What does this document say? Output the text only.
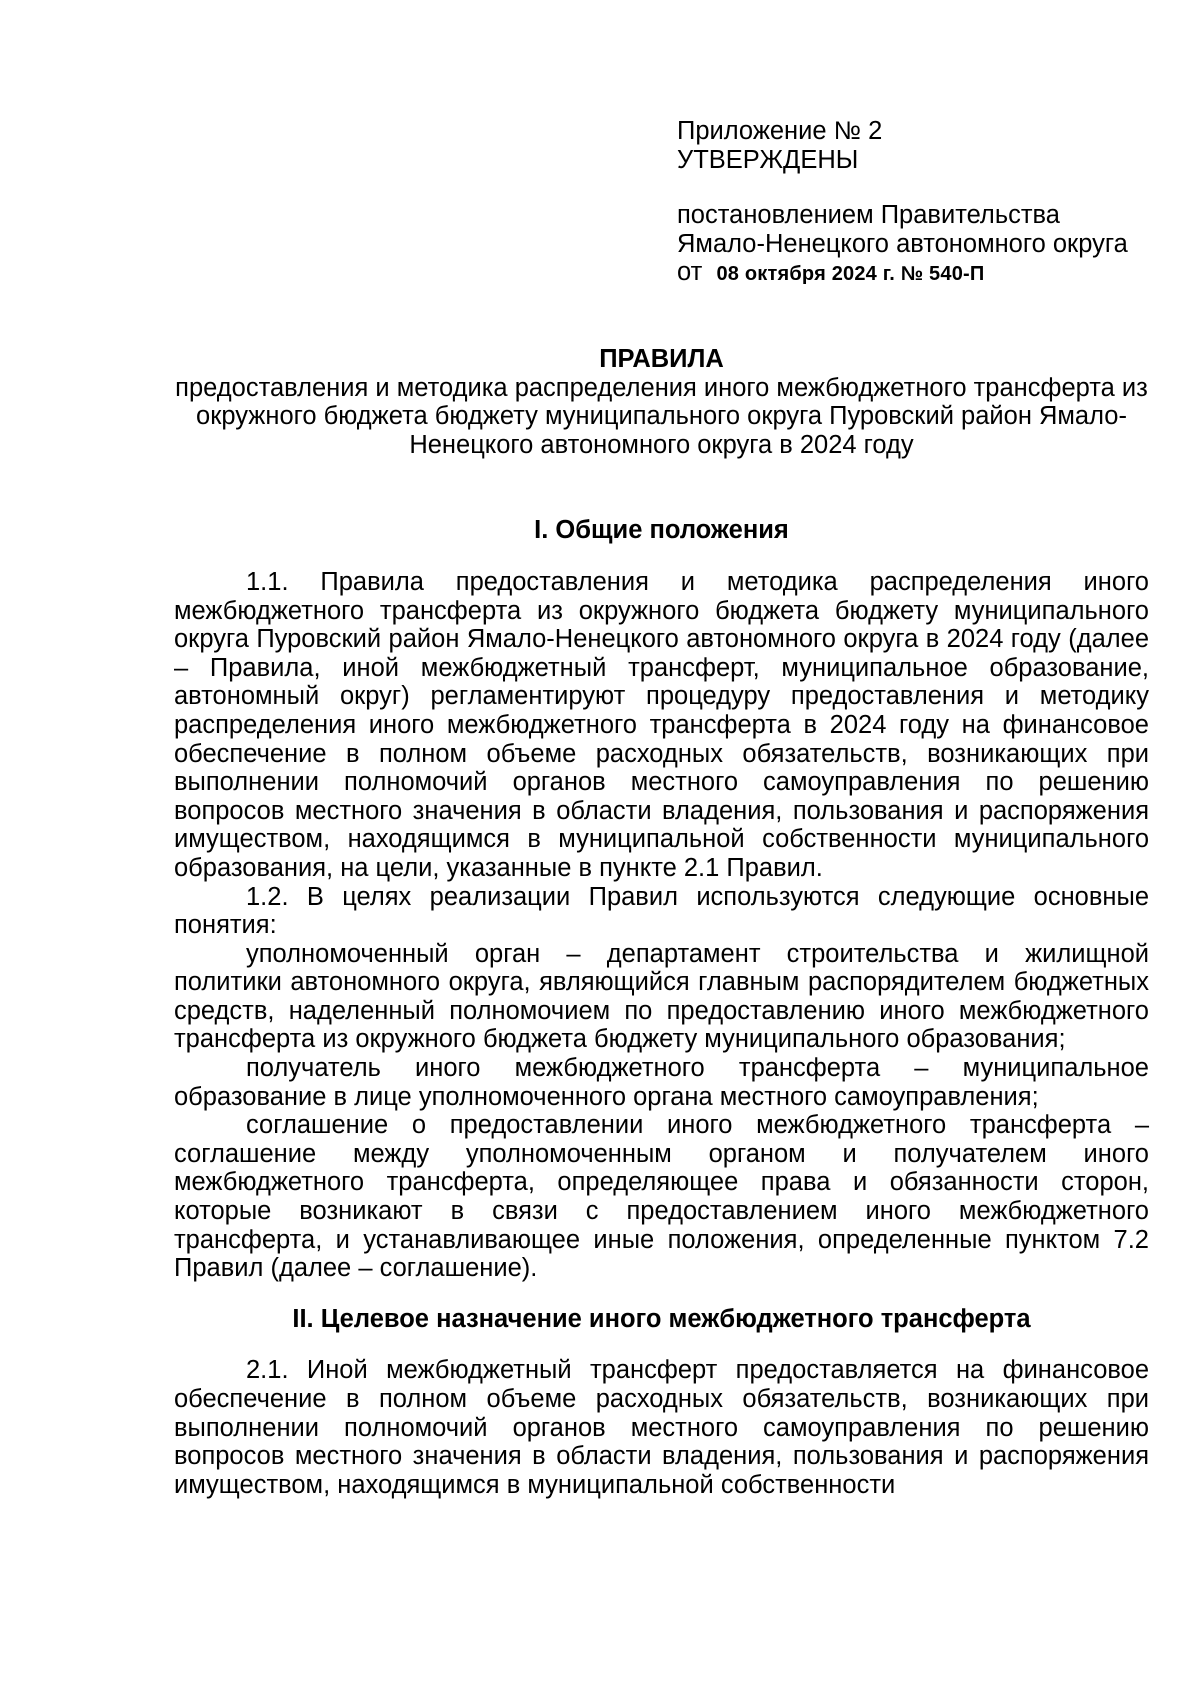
Приложение № 2
УТВЕРЖДЕНЫ
постановлением Правительства
Ямало-Ненецкого автономного округа
от 08 октября 2024 г. № 540-П

ПРАВИЛА

предоставления и методика распределения иного межбюджетного трансферта из окружного бюджета бюджету муниципального округа Пуровский район Ямало-Ненецкого автономного округа в 2024 году

I. Общие положения

1.1. Правила предоставления и методика распределения иного межбюджетного трансферта из окружного бюджета бюджету муниципального округа Пуровский район Ямало-Ненецкого автономного округа в 2024 году (далее – Правила, иной межбюджетный трансферт, муниципальное образование, автономный округ) регламентируют процедуру предоставления и методику распределения иного межбюджетного трансферта в 2024 году на финансовое обеспечение в полном объеме расходных обязательств, возникающих при выполнении полномочий органов местного самоуправления по решению вопросов местного значения в области владения, пользования и распоряжения имуществом, находящимся в муниципальной собственности муниципального образования, на цели, указанные в пункте 2.1 Правил.

1.2. В целях реализации Правил используются следующие основные понятия:

уполномоченный орган – департамент строительства и жилищной политики автономного округа, являющийся главным распорядителем бюджетных средств, наделенный полномочием по предоставлению иного межбюджетного трансферта из окружного бюджета бюджету муниципального образования;

получатель иного межбюджетного трансферта – муниципальное образование в лице уполномоченного органа местного самоуправления;

соглашение о предоставлении иного межбюджетного трансферта – соглашение между уполномоченным органом и получателем иного межбюджетного трансферта, определяющее права и обязанности сторон, которые возникают в связи с предоставлением иного межбюджетного трансферта, и устанавливающее иные положения, определенные пунктом 7.2 Правил (далее – соглашение).

II. Целевое назначение иного межбюджетного трансферта

2.1. Иной межбюджетный трансферт предоставляется на финансовое обеспечение в полном объеме расходных обязательств, возникающих при выполнении полномочий органов местного самоуправления по решению вопросов местного значения в области владения, пользования и распоряжения имуществом, находящимся в муниципальной собственности
